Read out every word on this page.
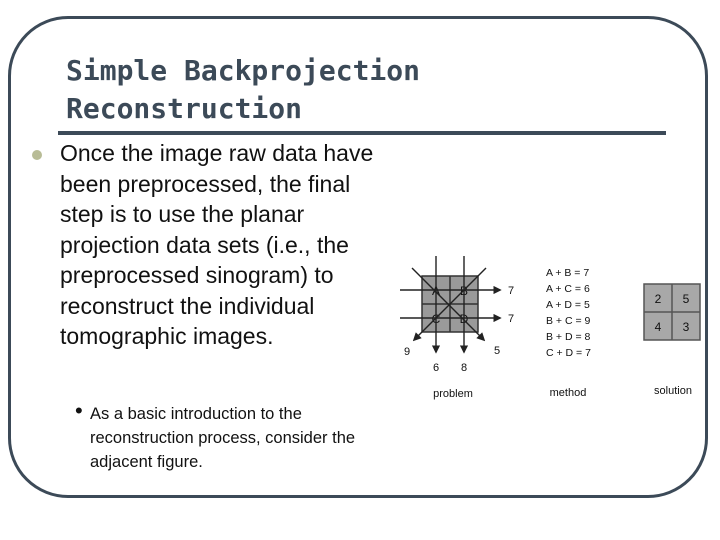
Simple Backprojection
Reconstruction
Once the image raw data have been preprocessed, the final step is to use the planar projection data sets (i.e., the preprocessed sinogram) to reconstruct the individual tomographic images.
• As a basic introduction to the reconstruction process, consider the adjacent figure.
A B
C D
7
7
6 8
9	5
problem
A + B = 7
A + C = 6
A + D = 5
B + C = 9
B + D = 8
C + D = 7
method
2 5
4 3
solution
